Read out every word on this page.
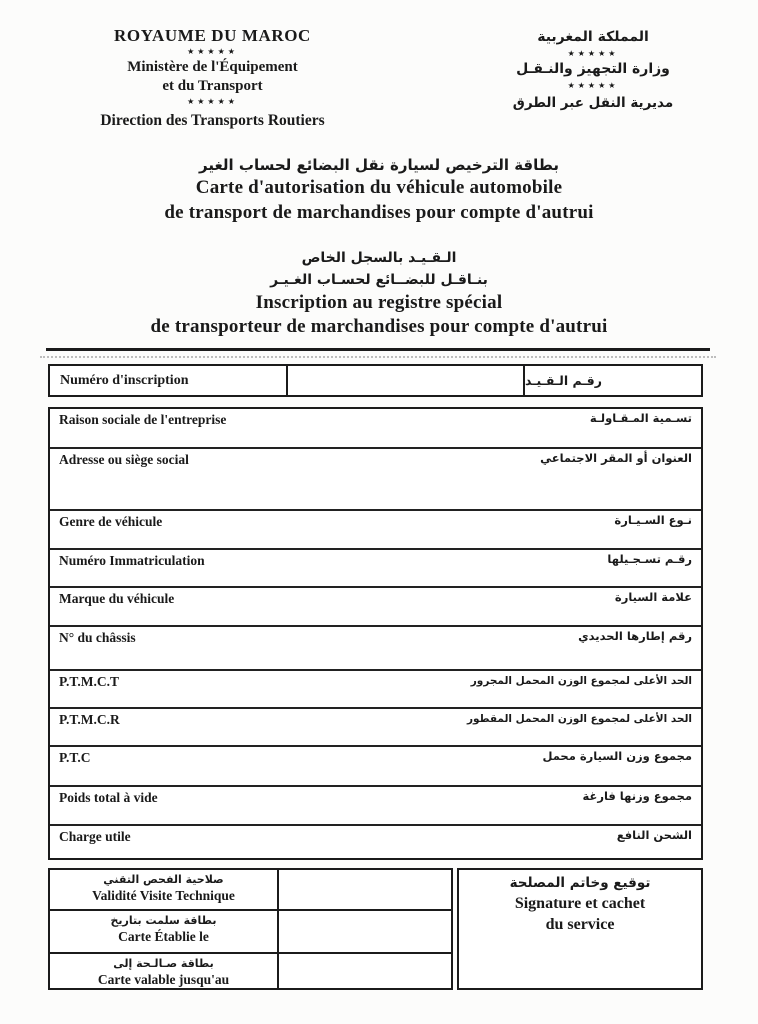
ROYAUME DU MAROC
★★★★★
Ministère de l'Équipement
et du Transport
★★★★★
Direction des Transports Routiers
المملكة المغربية
★★★★★
وزارة التجهيز والنـقـل
★★★★★
مديرية النقل عبر الطرق
بطاقة الترخيص لسيارة نقل البضائع لحساب الغير
Carte d'autorisation du véhicule automobile
de transport de marchandises pour compte d'autrui
الـقـيـد بالسجل الخاص
بنـاقـل للبضــائع لحسـاب الغـيـر
Inscription au registre spécial
de transporteur de marchandises pour compte d'autrui
Numéro d'inscription	رقـم الـقـيـد
Raison sociale de l'entreprise	تسـمية المـقـاولـة
Adresse ou siège social	العنوان أو المقر الاجتماعي
Genre de véhicule	نـوع السـيـارة
Numéro Immatriculation	رقـم تسـجـيلها
Marque du véhicule	علامة السيارة
N° du châssis	رقم إطارها الحديدي
P.T.M.C.T	الحد الأعلى لمجموع الوزن المحمل المجرور
P.T.M.C.R	الحد الأعلى لمجموع الوزن المحمل المقطور
P.T.C	مجموع وزن السيارة محمل
Poids total à vide	مجموع وزنها فارغة
Charge utile	الشحن النافع
صلاحية الفحص التقني
Validité Visite Technique
بطاقة سلمت بتاريخ
Carte Établie le
بطاقة صـالـحة إلى
Carte valable jusqu'au
توقيع وخاتم المصلحة
Signature et cachet
du service
